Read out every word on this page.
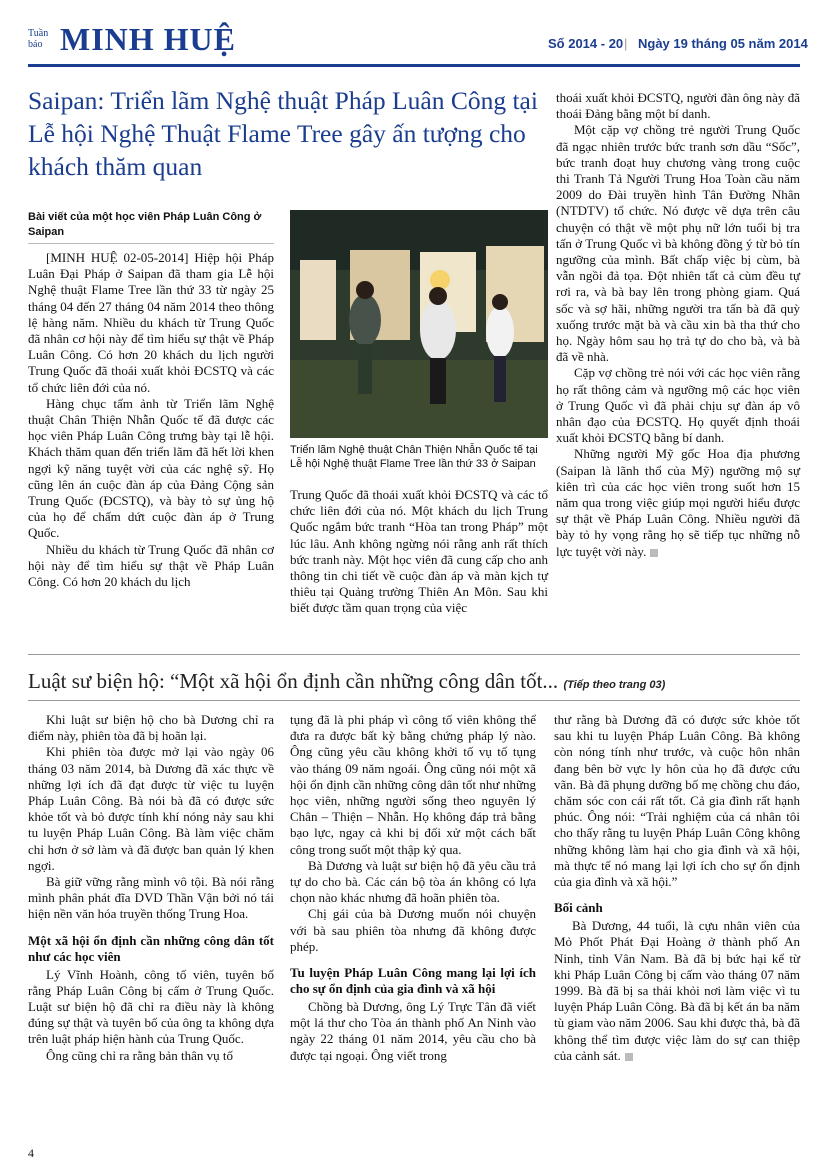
Tuần
báo MINH HUỆ	Số 2014 - 20 | Ngày 19 tháng 05 năm 2014
Saipan: Triển lãm Nghệ thuật Pháp Luân Công tại Lễ hội Nghệ Thuật Flame Tree gây ấn tượng cho khách thăm quan
Bài viết của một học viên Pháp Luân Công ở Saipan

[MINH HUỆ 02-05-2014] Hiệp hội Pháp Luân Đại Pháp ở Saipan đã tham gia Lễ hội Nghệ thuật Flame Tree lần thứ 33 từ ngày 25 tháng 04 đến 27 tháng 04 năm 2014 theo thông lệ hàng năm. Nhiều du khách từ Trung Quốc đã nhân cơ hội này để tìm hiểu sự thật về Pháp Luân Công. Có hơn 20 khách du lịch người Trung Quốc đã thoái xuất khỏi ĐCSTQ và các tổ chức liên đới của nó.

Hàng chục tấm ảnh từ Triển lãm Nghệ thuật Chân Thiện Nhẫn Quốc tế đã được các học viên Pháp Luân Công trưng bày tại lễ hội. Khách thăm quan đến triển lãm đã hết lời khen ngợi kỹ năng tuyệt vời của các nghệ sỹ. Họ cũng lên án cuộc đàn áp của Đảng Cộng sản Trung Quốc (ĐCSTQ), và bày tỏ sự ủng hộ của họ để chấm dứt cuộc đàn áp ở Trung Quốc.

Nhiều du khách từ Trung Quốc đã nhân cơ hội này để tìm hiểu sự thật về Pháp Luân Công. Có hơn 20 khách du lịch

Triển lãm Nghệ thuật Chân Thiện Nhẫn Quốc tế tại Lễ hội Nghệ thuật Flame Tree lần thứ 33 ở Saipan

Trung Quốc đã thoái xuất khỏi ĐCSTQ và các tổ chức liên đới của nó. Một khách du lịch Trung Quốc ngắm bức tranh “Hòa tan trong Pháp” một lúc lâu. Anh không ngừng nói rằng anh rất thích bức tranh này. Một học viên đã cung cấp cho anh thông tin chi tiết về cuộc đàn áp và màn kịch tự thiêu tại Quảng trường Thiên An Môn. Sau khi biết được tầm quan trọng của việc

thoái xuất khỏi ĐCSTQ, người đàn ông này đã thoái Đảng bằng một bí danh.

Một cặp vợ chồng trẻ người Trung Quốc đã ngạc nhiên trước bức tranh sơn dầu “Sốc”, bức tranh đoạt huy chương vàng trong cuộc thi Tranh Tả Người Trung Hoa Toàn cầu năm 2009 do Đài truyền hình Tân Đường Nhân (NTDTV) tổ chức. Nó được vẽ dựa trên câu chuyện có thật về một phụ nữ lớn tuổi bị tra tấn ở Trung Quốc vì bà không đồng ý từ bỏ tín ngưỡng của mình. Bất chấp việc bị cùm, bà vẫn ngồi đả tọa. Đột nhiên tất cả cùm đều tự rơi ra, và bà bay lên trong phòng giam. Quá sốc và sợ hãi, những người tra tấn bà đã quỳ xuống trước mặt bà và cầu xin bà tha thứ cho họ. Ngày hôm sau họ trả tự do cho bà, và bà đã về nhà.

Cặp vợ chồng trẻ nói với các học viên rằng họ rất thông cảm và ngưỡng mộ các học viên ở Trung Quốc vì đã phải chịu sự đàn áp vô nhân đạo của ĐCSTQ. Họ quyết định thoái xuất khỏi ĐCSTQ bằng bí danh.

Những người Mỹ gốc Hoa địa phương (Saipan là lãnh thổ của Mỹ) ngưỡng mộ sự kiên trì của các học viên trong suốt hơn 15 năm qua trong việc giúp mọi người hiểu được sự thật về Pháp Luân Công. Nhiều người đã bày tỏ hy vọng rằng họ sẽ tiếp tục những nỗ lực tuyệt vời này.

Luật sư biện hộ: “Một xã hội ổn định cần những công dân tốt... (Tiếp theo trang 03)

Khi luật sư biện hộ cho bà Dương chỉ ra điểm này, phiên tòa đã bị hoãn lại.

Khi phiên tòa được mở lại vào ngày 06 tháng 03 năm 2014, bà Dương đã xác thực về những lợi ích đã đạt được từ việc tu luyện Pháp Luân Công. Bà nói bà đã có được sức khỏe tốt và bỏ được tính khí nóng nảy sau khi tu luyện Pháp Luân Công. Bà làm việc chăm chỉ hơn ở sở làm và đã được ban quản lý khen ngợi.

Bà giữ vững rằng mình vô tội. Bà nói rằng mình phân phát đĩa DVD Thần Vận bởi nó tái hiện nền văn hóa truyền thống Trung Hoa.

Một xã hội ổn định cần những công dân tốt như các học viên

Lý Vĩnh Hoành, công tố viên, tuyên bố rằng Pháp Luân Công bị cấm ở Trung Quốc. Luật sư biện hộ đã chỉ ra điều này là không đúng sự thật và tuyên bố của ông ta không dựa trên luật pháp hiện hành của Trung Quốc.

Ông cũng chỉ ra rằng bản thân vụ tố

tụng đã là phi pháp vì công tố viên không thể đưa ra được bất kỳ bằng chứng pháp lý nào. Ông cũng yêu cầu không khởi tố vụ tố tụng vào tháng 09 năm ngoái. Ông cũng nói một xã hội ổn định cần những công dân tốt như những học viên, những người sống theo nguyên lý Chân – Thiện – Nhẫn. Họ không đáp trả bằng bạo lực, ngay cả khi bị đối xử một cách bất công trong suốt một thập kỷ qua.

Bà Dương và luật sư biện hộ đã yêu cầu trả tự do cho bà. Các cán bộ tòa án không có lựa chọn nào khác nhưng đã hoãn phiên tòa.

Chị gái của bà Dương muốn nói chuyện với bà sau phiên tòa nhưng đã không được phép.

Tu luyện Pháp Luân Công mang lại lợi ích cho sự ổn định của gia đình và xã hội

Chồng bà Dương, ông Lý Trực Tân đã viết một lá thư cho Tòa án thành phố An Ninh vào ngày 22 tháng 01 năm 2014, yêu cầu cho bà được tại ngoại. Ông viết trong

thư rằng bà Dương đã có được sức khỏe tốt sau khi tu luyện Pháp Luân Công. Bà không còn nóng tính như trước, và cuộc hôn nhân đang bên bờ vực ly hôn của họ đã được cứu vãn. Bà đã phụng dưỡng bố mẹ chồng chu đáo, chăm sóc con cái rất tốt. Cả gia đình rất hạnh phúc. Ông nói: “Trải nghiệm của cá nhân tôi cho thấy rằng tu luyện Pháp Luân Công không những không làm hại cho gia đình và xã hội, mà thực tế nó mang lại lợi ích cho sự ổn định của gia đình và xã hội.”

Bối cảnh

Bà Dương, 44 tuổi, là cựu nhân viên của Mỏ Phốt Phát Đại Hoàng ở thành phố An Ninh, tỉnh Vân Nam. Bà đã bị bức hại kể từ khi Pháp Luân Công bị cấm vào tháng 07 năm 1999. Bà đã bị sa thải khỏi nơi làm việc vì tu luyện Pháp Luân Công. Bà đã bị kết án ba năm tù giam vào năm 2006. Sau khi được thả, bà đã không thể tìm được việc làm do sự can thiệp của cảnh sát.

4
